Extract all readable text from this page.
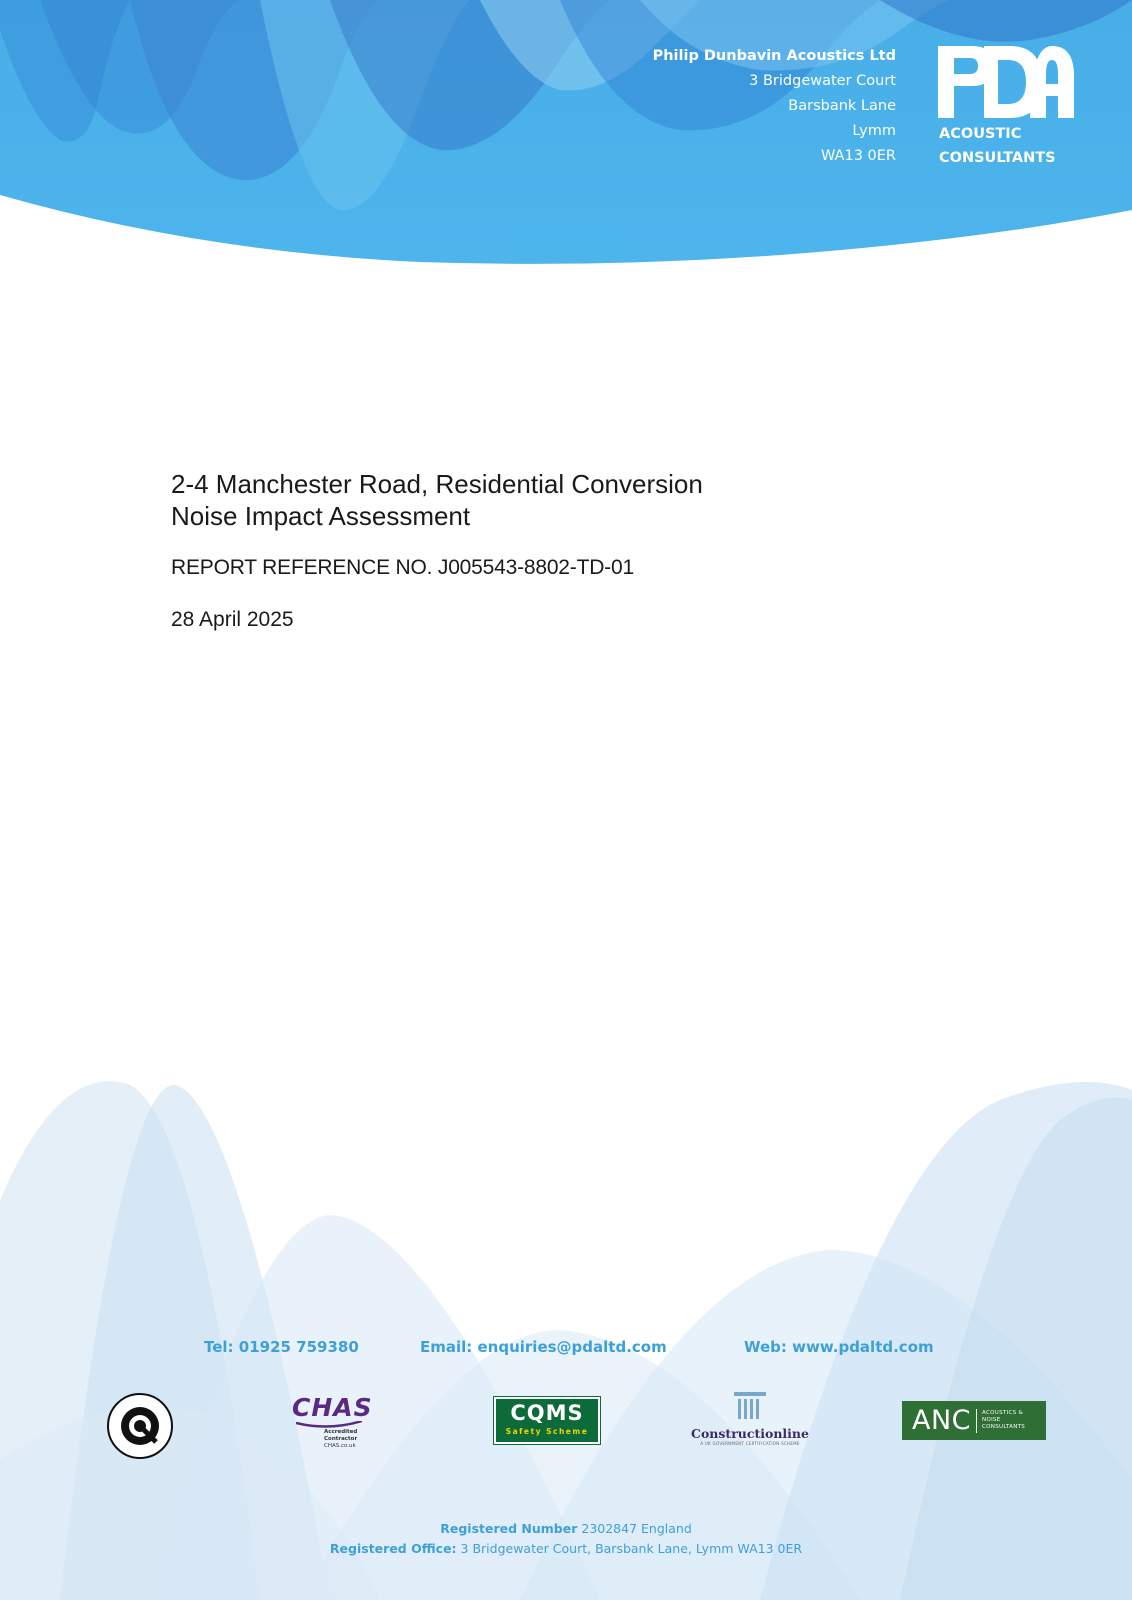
Philip Dunbavin Acoustics Ltd
3 Bridgewater Court
Barsbank Lane
Lymm
WA13 0ER
ACOUSTIC
CONSULTANTS
2-4 Manchester Road, Residential Conversion
Noise Impact Assessment
REPORT REFERENCE NO. J005543-8802-TD-01
28 April 2025
Tel: 01925 759380	Email: enquiries@pdaltd.com	Web: www.pdaltd.com
CHAS
Accredited Contractor
CHAS.co.uk
CQMS
Safety Scheme	Constructionline
A UK GOVERNMENT CERTIFICATION SCHEME
ANC ACOUSTICS &
NOISE
CONSULTANTS
Registered Number 2302847 England
Registered Office: 3 Bridgewater Court, Barsbank Lane, Lymm WA13 0ER
